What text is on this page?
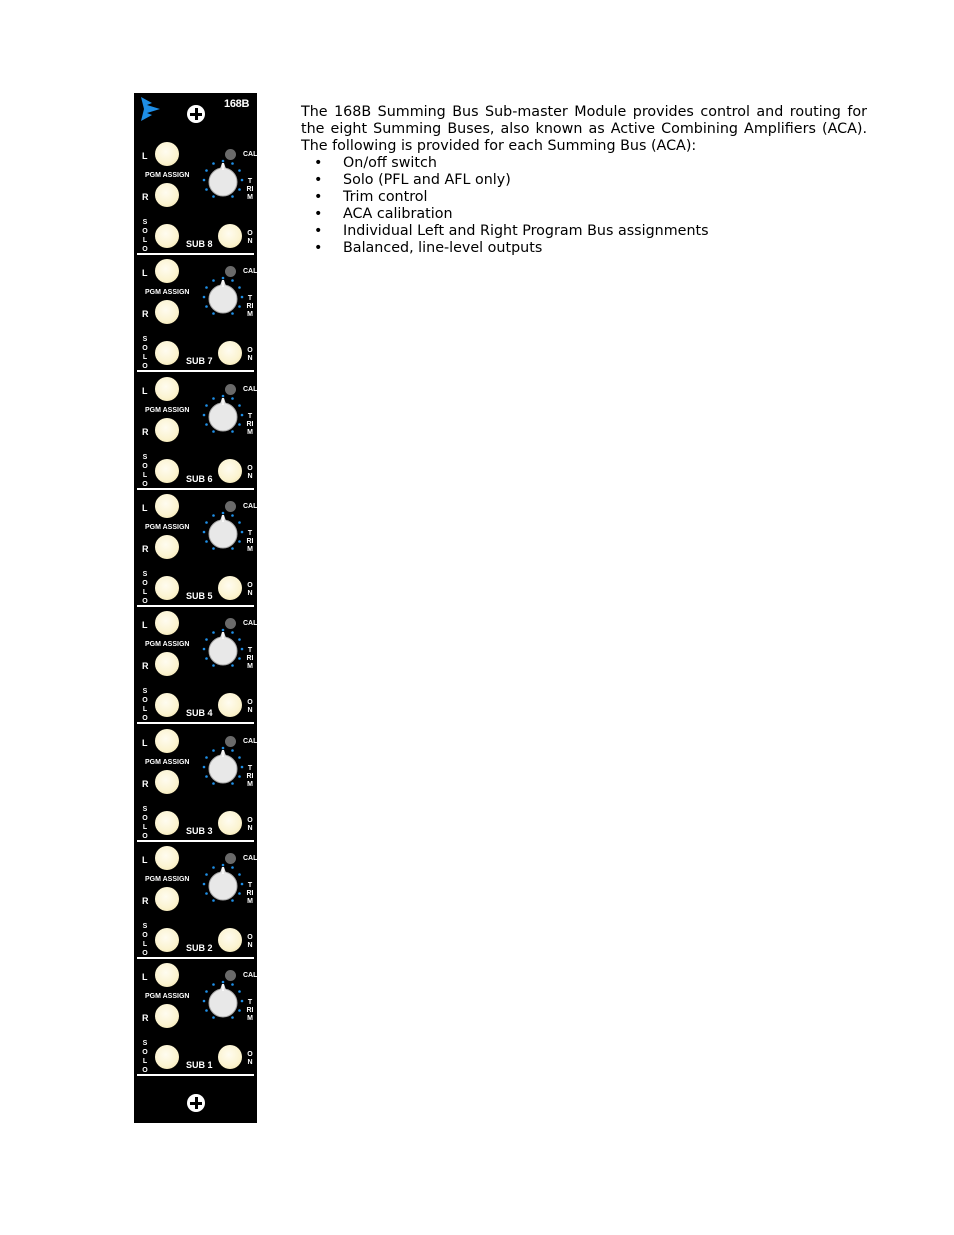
168B
L	CAL
PGM ASSIGN
R
TRIM
SOLO
SUB 8
ON
L	CAL
PGM ASSIGN
R
TRIM
SOLO
SUB 7
ON
L	CAL
PGM ASSIGN
R
TRIM
SOLO
SUB 6
ON
L	CAL
PGM ASSIGN
R
TRIM
SOLO
SUB 5
ON
L	CAL
PGM ASSIGN
R
TRIM
SOLO
SUB 4
ON
L	CAL
PGM ASSIGN
R
TRIM
SOLO
SUB 3
ON
L	CAL
PGM ASSIGN
R
TRIM
SOLO
SUB 2
ON
L	CAL
PGM ASSIGN
R
TRIM
SOLO
SUB 1
ON

The 168B Summing Bus Sub-master Module provides control and routing for the eight Summing Buses, also known as Active Combining Amplifiers (ACA). The following is provided for each Summing Bus (ACA):

• On/off switch
• Solo (PFL and AFL only)
• Trim control
• ACA calibration
• Individual Left and Right Program Bus assignments
• Balanced, line-level outputs
